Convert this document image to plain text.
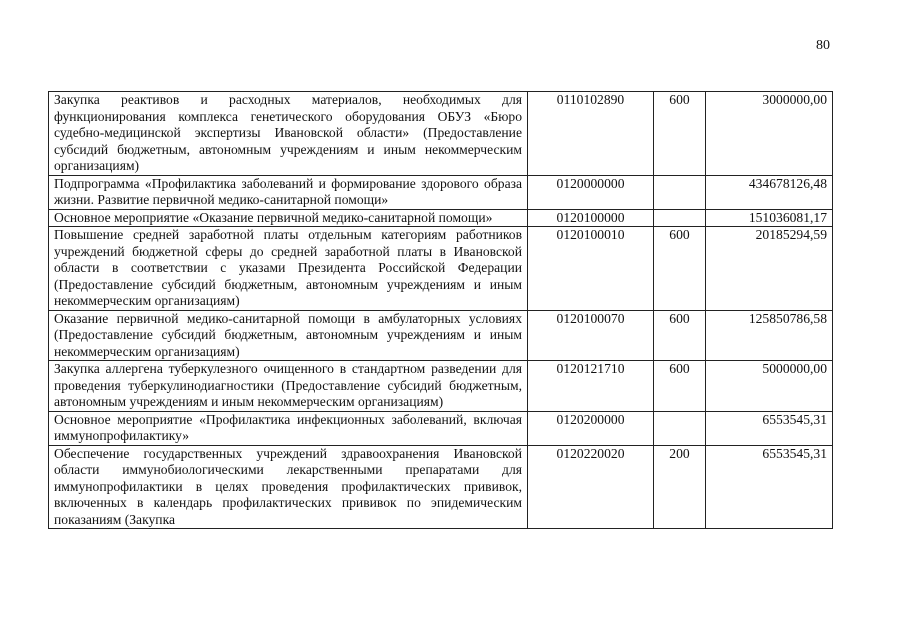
80
Закупка реактивов и расходных материалов, необходимых для функционирования комплекса генетического оборудования ОБУЗ «Бюро судебно-медицинской экспертизы Ивановской области» (Предоставление субсидий бюджетным, автономным учреждениям и иным некоммерческим организациям)	0110102890	600	3000000,00
Подпрограмма «Профилактика заболеваний и формирование здорового образа жизни. Развитие первичной медико-санитарной помощи»	0120000000		434678126,48
Основное мероприятие «Оказание первичной медико-санитарной помощи»	0120100000		151036081,17
Повышение средней заработной платы отдельным категориям работников учреждений бюджетной сферы до средней заработной платы в Ивановской области в соответствии с указами Президента Российской Федерации (Предоставление субсидий бюджетным, автономным учреждениям и иным некоммерческим организациям)	0120100010	600	20185294,59
Оказание первичной медико-санитарной помощи в амбулаторных условиях (Предоставление субсидий бюджетным, автономным учреждениям и иным некоммерческим организациям)	0120100070	600	125850786,58
Закупка аллергена туберкулезного очищенного в стандартном разведении для проведения туберкулинодиагностики (Предоставление субсидий бюджетным, автономным учреждениям и иным некоммерческим организациям)	0120121710	600	5000000,00
Основное мероприятие «Профилактика инфекционных заболеваний, включая иммунопрофилактику»	0120200000		6553545,31
Обеспечение государственных учреждений здравоохранения Ивановской области иммунобиологическими лекарственными препаратами для иммунопрофилактики в целях проведения профилактических прививок, включенных в календарь профилактических прививок по эпидемическим показаниям (Закупка	0120220020	200	6553545,31
